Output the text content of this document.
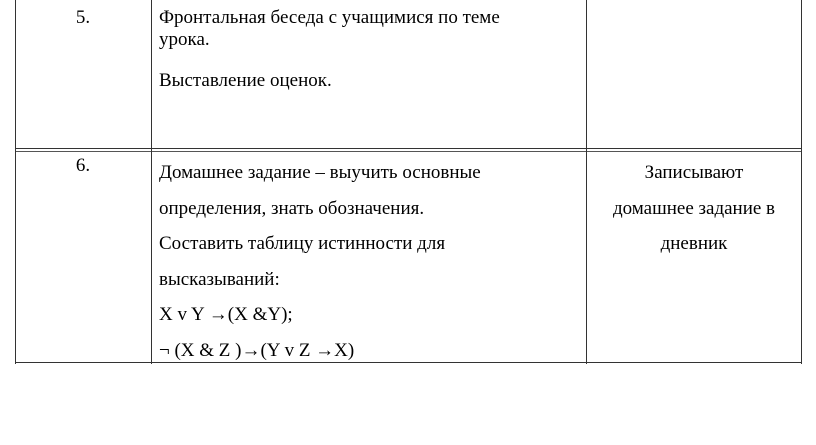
5.	Фронтальная беседа с учащимися по теме
урока.
Выставление оценок.
6.	Домашнее задание – выучить основные
определения, знать обозначения.
Составить таблицу истинности для
высказываний:
X v Y →(X &Y);
¬ (X & Z )→(Y v Z →X)
Записывают
домашнее задание в
дневник
